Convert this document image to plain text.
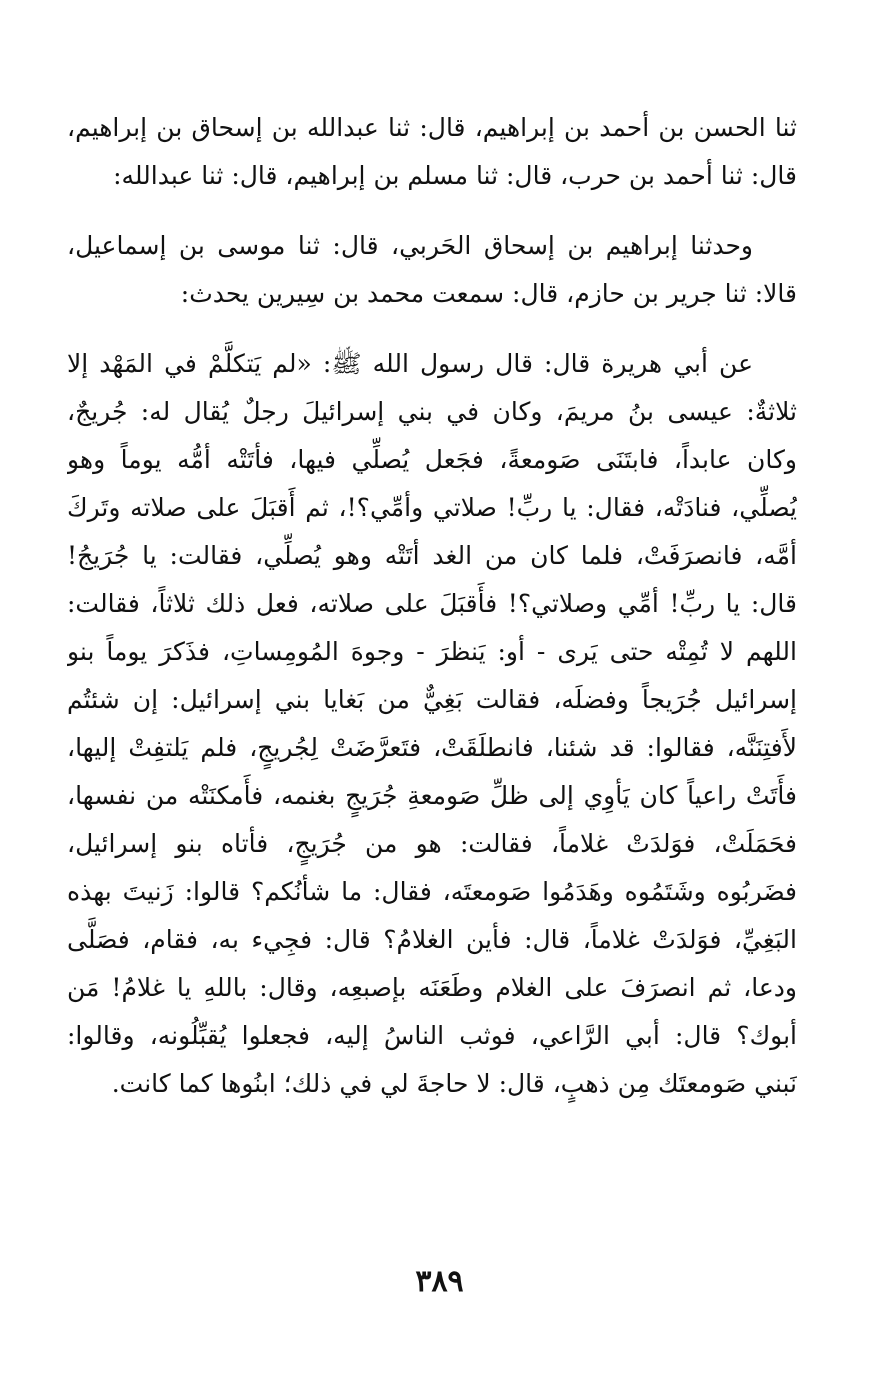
ثنا الحسن بن أحمد بن إبراهيم، قال: ثنا عبدالله بن إسحاق بن إبراهيم،
قال: ثنا أحمد بن حرب، قال: ثنا مسلم بن إبراهيم، قال: ثنا عبدالله:
وحدثنا إبراهيم بن إسحاق الحَربي، قال: ثنا موسى بن إسماعيل،
قالا: ثنا جرير بن حازم، قال: سمعت محمد بن سِيرين يحدث:
عن أبي هريرة قال: قال رسول الله ﷺ: «لم يَتكلَّمْ في المَهْد إلا
ثلاثةٌ: عيسى بنُ مريمَ، وكان في بني إسرائيلَ رجلٌ يُقال له: جُريجٌ،
وكان عابداً، فابتَنَى صَومعةً، فجَعل يُصلِّي فيها، فأتَتْه أمُّه يوماً وهو
يُصلِّي، فنادَتْه، فقال: يا ربِّ! صلاتي وأمِّي؟!، ثم أَقبَلَ على صلاته وتَركَ
أمَّه، فانصرَفَتْ، فلما كان من الغد أتَتْه وهو يُصلِّي، فقالت: يا جُرَيجُ!
قال: يا ربِّ! أمِّي وصلاتي؟! فأَقبَلَ على صلاته، فعل ذلك ثلاثاً، فقالت:
اللهم لا تُمِتْه حتى يَرى - أو: يَنظرَ - وجوهَ المُومِساتِ، فذَكرَ يوماً بنو
إسرائيل جُرَيجاً وفضلَه، فقالت بَغِيٌّ من بَغايا بني إسرائيل: إن شئتُم
لأَفتِنَنَّه، فقالوا: قد شئنا، فانطلَقَتْ، فتَعرَّضَتْ لِجُريجٍ، فلم يَلتفِتْ إليها،
فأَتَتْ راعياً كان يَأوِي إلى ظلِّ صَومعةِ جُرَيجٍ بغنمه، فأَمكنَتْه من نفسها،
فحَمَلَتْ، فوَلدَتْ غلاماً، فقالت: هو من جُرَيجٍ، فأتاه بنو إسرائيل،
فضَربُوه وشَتَمُوه وهَدَمُوا صَومعتَه، فقال: ما شأنُكم؟ قالوا: زَنيتَ بهذه
البَغِيِّ، فوَلدَتْ غلاماً، قال: فأين الغلامُ؟ قال: فجِيء به، فقام، فصَلَّى
ودعا، ثم انصرَفَ على الغلام وطَعَنَه بإصبعِه، وقال: باللهِ يا غلامُ! مَن
أبوك؟ قال: أبي الرَّاعي، فوثب الناسُ إليه، فجعلوا يُقبِّلُونه، وقالوا:
نَبني صَومعتَك مِن ذهبٍ، قال: لا حاجةَ لي في ذلك؛ ابنُوها كما كانت.
٣٨٩
